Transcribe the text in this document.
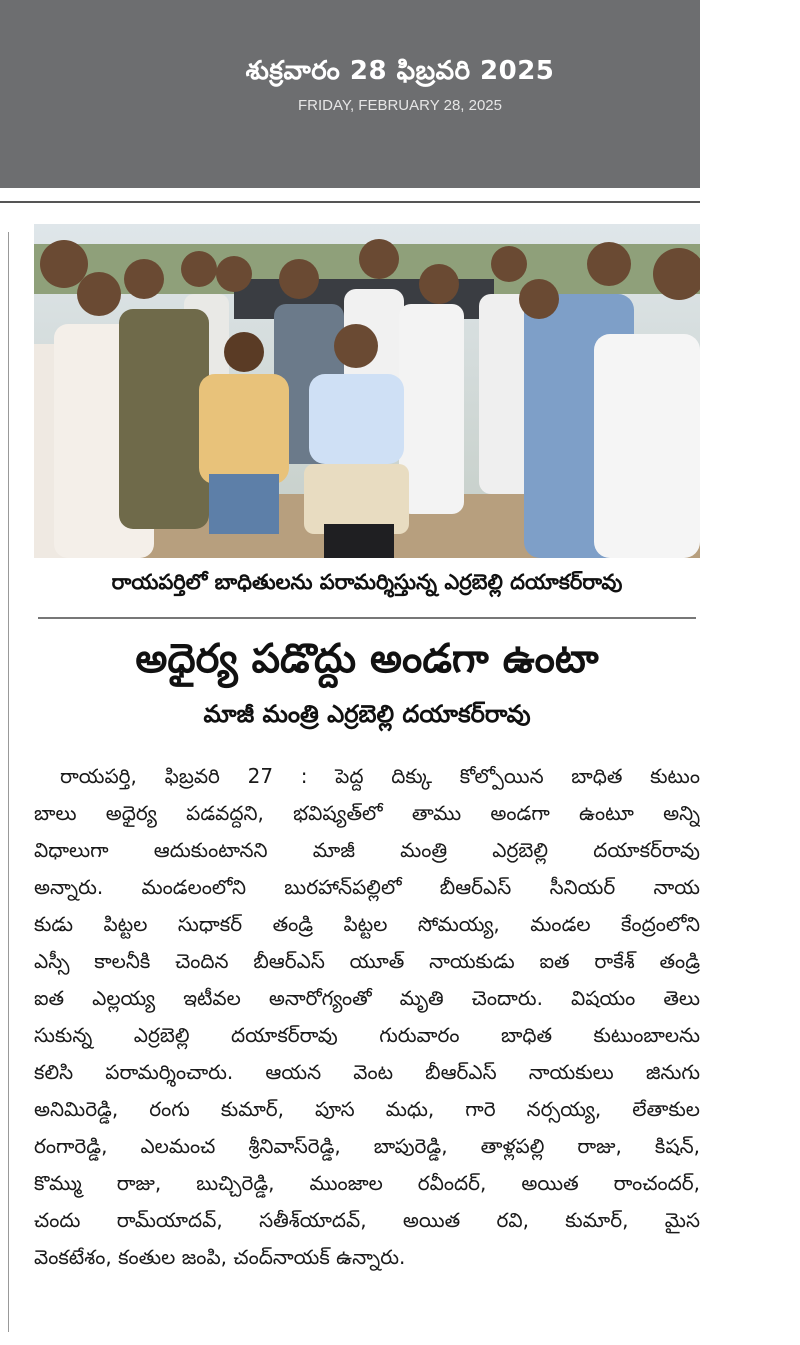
శుక్రవారం 28 ఫిబ్రవరి 2025
FRIDAY, FEBRUARY 28, 2025
రాయపర్తిలో బాధితులను పరామర్శిస్తున్న ఎర్రబెల్లి దయాకర్‌రావు
అధైర్య పడొద్దు అండగా ఉంటా
మాజీ మంత్రి ఎర్రబెల్లి దయాకర్‌రావు
రాయపర్తి, ఫిబ్రవరి 27 : పెద్ద దిక్కు కోల్పోయిన బాధిత కుటుం
బాలు అధైర్య పడవద్దని, భవిష్యత్‌లో తాము అండగా ఉంటూ అన్ని
విధాలుగా ఆదుకుంటానని మాజీ మంత్రి ఎర్రబెల్లి దయాకర్‌రావు
అన్నారు. మండలంలోని బురహాన్‌పల్లిలో బీఆర్‌ఎస్ సీనియర్ నాయ
కుడు పిట్టల సుధాకర్ తండ్రి పిట్టల సోమయ్య, మండల కేంద్రంలోని
ఎస్సీ కాలనీకి చెందిన బీఆర్‌ఎస్ యూత్ నాయకుడు ఐత రాకేశ్ తండ్రి
ఐత ఎల్లయ్య ఇటీవల అనారోగ్యంతో మృతి చెందారు. విషయం తెలు
సుకున్న ఎర్రబెల్లి దయాకర్‌రావు గురువారం బాధిత కుటుంబాలను
కలిసి పరామర్శించారు. ఆయన వెంట బీఆర్‌ఎస్ నాయకులు జినుగు
అనిమిరెడ్డి, రంగు కుమార్, పూస మధు, గారె నర్సయ్య, లేతాకుల
రంగారెడ్డి, ఎలమంచ శ్రీనివాస్‌రెడ్డి, బాపురెడ్డి, తాళ్లపల్లి రాజు, కిషన్,
కొమ్ము రాజు, బుచ్చిరెడ్డి, ముంజాల రవీందర్, అయిత రాంచందర్,
చందు రామ్‌యాదవ్, సతీశ్‌యాదవ్, అయిత రవి, కుమార్, మైస
వెంకటేశం, కంతుల జంపి, చంద్‌నాయక్ ఉన్నారు.
